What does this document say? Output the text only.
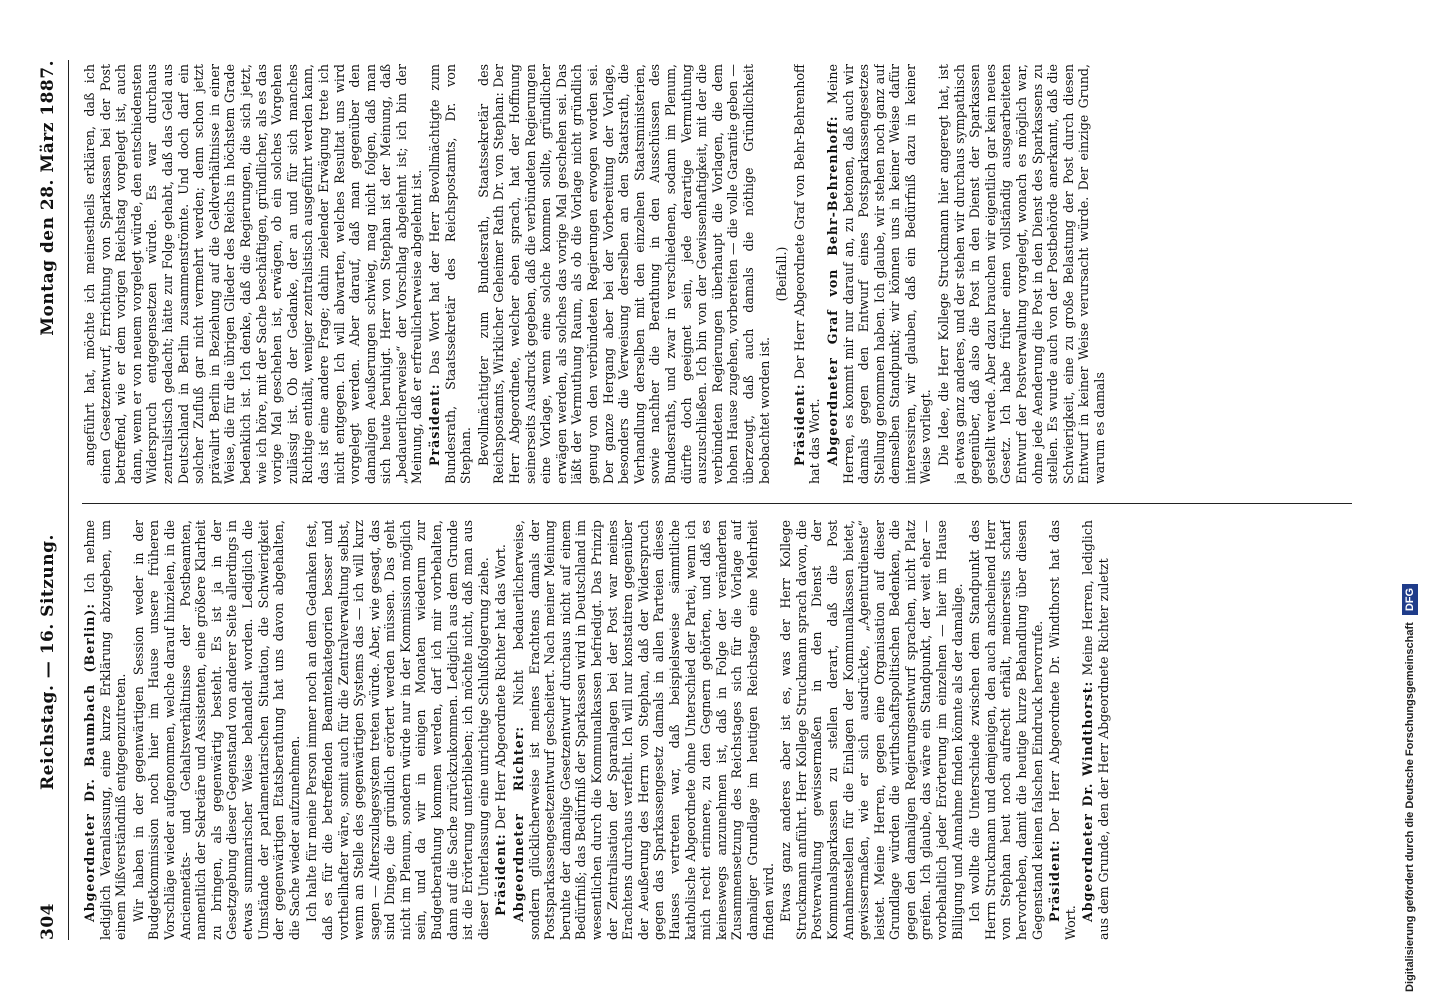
304
Reichstag. — 16. Sitzung.
Montag den 28. März 1887.

Abgeordneter Dr. Baumbach (Berlin): Ich nehme lediglich Veranlassung, eine kurze Erklärung abzugeben, um einem Mißverständniß entgegenzutreten. Wir haben in der gegenwärtigen Session weder in der Budgetkommission noch hier im Hause unsere früheren Vorschläge wieder aufgenommen, welche darauf hinzielen, in die Anciennetäts- und Gehaltsverhältnisse der Postbeamten, namentlich der Sekretäre und Assistenten, eine größere Klarheit zu bringen, als gegenwärtig besteht. Es ist ja in der Gesetzgebung dieser Gegenstand von anderer Seite allerdings in etwas summarischer Weise behandelt worden. Lediglich die Umstände der parlamentarischen Situation, die Schwierigkeit der gegenwärtigen Etatsberathung hat uns davon abgehalten, die Sache wieder aufzunehmen. Ich halte für meine Person immer noch an dem Gedanken fest, daß es für die betreffenden Beamtenkategorien besser und vortheilhafter wäre, somit auch für die Zentralverwaltung selbst, wenn an Stelle des gegenwärtigen Systems das — ich will kurz sagen — Alterszulagesystem treten würde. Aber, wie gesagt, das sind Dinge, die gründlich erörtert werden müssen. Das geht nicht im Plenum, sondern würde nur in der Kommission möglich sein, und da wir in einigen Monaten wiederum zur Budgetberathung kommen werden, darf ich mir vorbehalten, dann auf die Sache zurückzukommen. Lediglich aus dem Grunde ist die Erörterung unterblieben; ich möchte nicht, daß man aus dieser Unterlassung eine unrichtige Schlußfolgerung ziehe. Präsident: Der Herr Abgeordnete Richter hat das Wort. Abgeordneter Richter: Nicht bedauerlicherweise, sondern glücklicherweise ist meines Erachtens damals der Postsparkassengesetzentwurf gescheitert. Nach meiner Meinung beruhte der damalige Gesetzentwurf durchaus nicht auf einem Bedürfniß; das Bedürfniß der Sparkassen wird in Deutschland im wesentlichen durch die Kommunalkassen befriedigt. Das Prinzip der Zentralisation der Sparanlagen bei der Post war meines Erachtens durchaus verfehlt. Ich will nur konstatiren gegenüber der Aeußerung des Herrn von Stephan, daß der Widerspruch gegen das Sparkassengesetz damals in allen Parteien dieses Hauses vertreten war, daß beispielsweise sämmtliche katholische Abgeordnete ohne Unterschied der Partei, wenn ich mich recht erinnere, zu den Gegnern gehörten, und daß es keineswegs anzunehmen ist, daß in Folge der veränderten Zusammensetzung des Reichstages sich für die Vorlage auf damaliger Grundlage im heutigen Reichstage eine Mehrheit finden wird. Etwas ganz anderes aber ist es, was der Herr Kollege Struckmann anführt. Herr Kollege Struckmann sprach davon, die Postverwaltung gewissermaßen in den Dienst der Kommunalsparkassen zu stellen derart, daß die Post Annahmestellen für die Einlagen der Kommunalkassen bietet, gewissermaßen, wie er sich ausdrückte, „Agenturdienste“ leistet. Meine Herren, gegen eine Organisation auf dieser Grundlage würden die wirthschaftspolitischen Bedenken, die gegen den damaligen Regierungsentwurf sprachen, nicht Platz greifen. Ich glaube, das wäre ein Standpunkt, der weit eher — vorbehaltlich jeder Erörterung im einzelnen — hier im Hause Billigung und Annahme finden könnte als der damalige. Ich wollte die Unterschiede zwischen dem Standpunkt des Herrn Struckmann und demjenigen, den auch anscheinend Herr von Stephan heut noch aufrecht erhält, meinerseits scharf hervorheben, damit die heutige kurze Behandlung über diesen Gegenstand keinen falschen Eindruck hervorrufe. Präsident: Der Herr Abgeordnete Dr. Windthorst hat das Wort.

Abgeordneter Dr. Windthorst: Meine Herren, lediglich aus dem Grunde, den der Herr Abgeordnete Richter zuletzt

angeführt hat, möchte ich meinestheils erklären, daß ich einen Gesetzentwurf, Errichtung von Sparkassen bei der Post betreffend, wie er dem vorigen Reichstag vorgelegt ist, auch dann, wenn er von neuem vorgelegt würde, den entschiedensten Widerspruch entgegensetzen würde. Es war durchaus zentralistisch gedacht; hätte zur Folge gehabt, daß das Geld aus Deutschland in Berlin zusammenströmte. Und doch darf ein solcher Zufluß gar nicht vermehrt werden; denn schon jetzt prävalirt Berlin in Beziehung auf die Geldverhältnisse in einer Weise, die für die übrigen Glieder des Reichs in höchstem Grade bedenklich ist. Ich denke, daß die Regierungen, die sich jetzt, wie ich höre, mit der Sache beschäftigen, gründlicher, als es das vorige Mal geschehen ist, erwägen, ob ein solches Vorgehen zulässig ist. Ob der Gedanke, der an und für sich manches Richtige enthält, weniger zentralistisch ausgeführt werden kann, das ist eine andere Frage; dahin zielender Erwägung trete ich nicht entgegen. Ich will abwarten, welches Resultat uns wird vorgelegt werden. Aber darauf, daß man gegenüber den damaligen Aeußerungen schwieg, mag nicht folgen, daß man sich heute beruhigt. Herr von Stephan ist der Meinung, daß „bedauerlicherweise“ der Vorschlag abgelehnt ist; ich bin der Meinung, daß er erfreulicherweise abgelehnt ist. Präsident: Das Wort hat der Herr Bevollmächtigte zum Bundesrath, Staatssekretär des Reichspostamts, Dr. von Stephan. Bevollmächtigter zum Bundesrath, Staatssekretär des Reichspostamts, Wirklicher Geheimer Rath Dr. von Stephan: Der Herr Abgeordnete, welcher eben sprach, hat der Hoffnung seinerseits Ausdruck gegeben, daß die verbündeten Regierungen eine Vorlage, wenn eine solche kommen sollte, gründlicher erwägen werden, als solches das vorige Mal geschehen sei. Das läßt der Vermuthung Raum, als ob die Vorlage nicht gründlich genug von den verbündeten Regierungen erwogen worden sei. Der ganze Hergang aber bei der Vorbereitung der Vorlage, besonders die Verweisung derselben an den Staatsrath, die Verhandlung derselben mit den einzelnen Staatsministerien, sowie nachher die Berathung in den Ausschüssen des Bundesraths, und zwar in verschiedenen, sodann im Plenum, dürfte doch geeignet sein, jede derartige Vermuthung auszuschließen. Ich bin von der Gewissenhaftigkeit, mit der die verbündeten Regierungen überhaupt die Vorlagen, die dem hohen Hause zugehen, vorbereiten — die volle Garantie geben — überzeugt, daß auch damals die nöthige Gründlichkeit beobachtet worden ist.

(Beifall.)

Präsident: Der Herr Abgeordnete Graf von Behr-Behrenhoff hat das Wort. Abgeordneter Graf von Behr-Behrenhoff: Meine Herren, es kommt mir nur darauf an, zu betonen, daß auch wir damals gegen den Entwurf eines Postsparkassengesetzes Stellung genommen haben. Ich glaube, wir stehen noch ganz auf demselben Standpunkt; wir können uns in keiner Weise dafür interessiren, wir glauben, daß ein Bedürfniß dazu in keiner Weise vorliegt. Die Idee, die Herr Kollege Struckmann hier angeregt hat, ist ja etwas ganz anderes, und der stehen wir durchaus sympathisch gegenüber, daß also die Post in den Dienst der Sparkassen gestellt werde. Aber dazu brauchen wir eigentlich gar kein neues Gesetz. Ich habe früher einen vollständig ausgearbeiteten Entwurf der Postverwaltung vorgelegt, wonach es möglich war, ohne jede Aenderung die Post in den Dienst des Sparkassens zu stellen. Es wurde auch von der Postbehörde anerkannt, daß die Schwierigkeit, eine zu große Belastung der Post durch diesen Entwurf in keiner Weise verursacht würde. Der einzige Grund, warum es damals

Digitalisierung gefördert durch die Deutsche Forschungsgemeinschaft DFG
